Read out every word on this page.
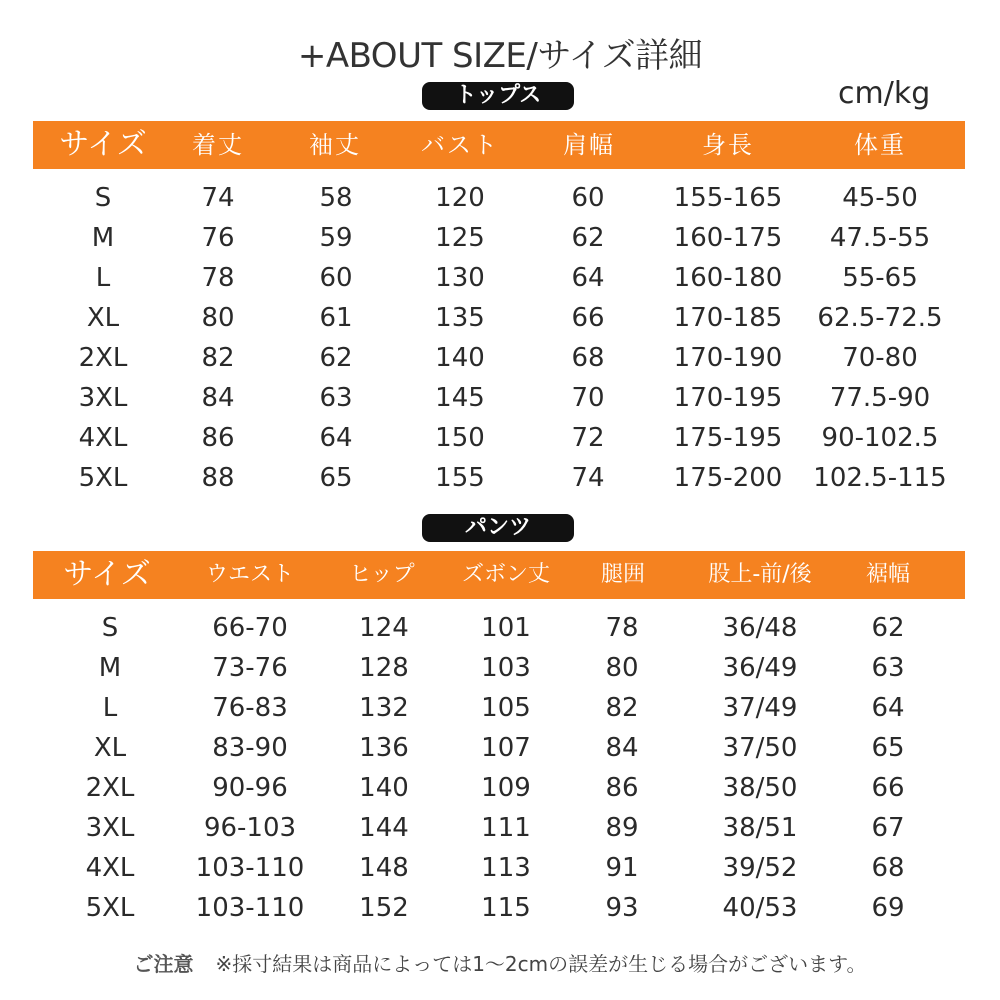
+ABOUT SIZE/サイズ詳細
cm/kg
トップス
サイズ 着丈	袖丈	バスト	肩幅	身長	体重
S	74	58	120	60	155-165 45-50
M	76	59	125	62	160-175 47.5-55
L	78	60	130	64	160-180 55-65
XL	80	61	135	66	170-185 62.5-72.5
2XL	82	62	140	68	170-190 70-80
3XL	84	63	145	70	170-195 77.5-90
4XL	86	64	150	72	175-195 90-102.5
5XL	88	65	155	74	175-200 102.5-115
パンツ
サイズ	ウエスト	ヒップ ズボン丈 腿囲	股上-前/後 裾幅
S	66-70	124	101	78	36/48	62
M	73-76	128	103	80	36/49	63
L	76-83	132	105	82	37/49	64
XL	83-90	136	107	84	37/50	65
2XL	90-96	140	109	86	38/50	66
3XL	96-103 144	111	89	38/51	67
4XL 103-110 148	113	91	39/52	68
5XL 103-110 152	115	93	40/53	69
ご注意 ※採寸結果は商品によっては1～2cmの誤差が生じる場合がございます。
